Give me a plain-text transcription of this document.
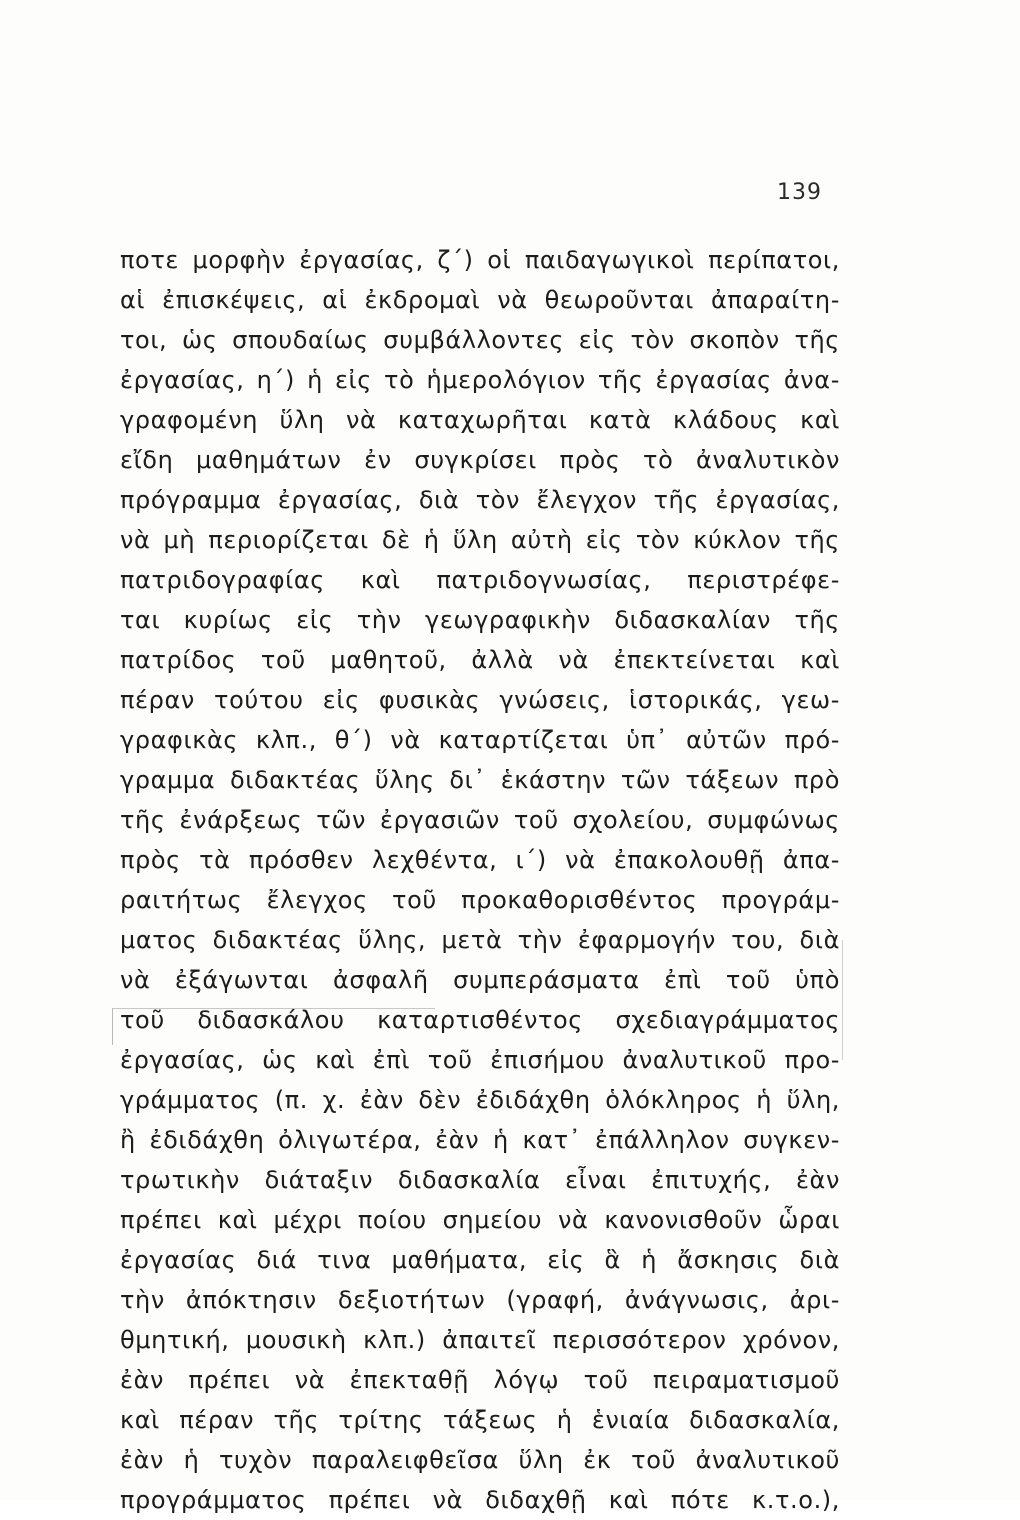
139
ποτε μορφὴν ἐργασίας, ζ΄) οἱ παιδαγωγικοὶ περίπατοι,
αἱ ἐπισκέψεις, αἱ ἐκδρομαὶ νὰ θεωροῦνται ἀπαραίτη-
τοι, ὡς σπουδαίως συμβάλλοντες εἰς τὸν σκοπὸν τῆς
ἐργασίας, η΄) ἡ εἰς τὸ ἡμερολόγιον τῆς ἐργασίας ἀνα-
γραφομένη ὕλη νὰ καταχωρῆται κατὰ κλάδους καὶ
εἴδη μαθημάτων ἐν συγκρίσει πρὸς τὸ ἀναλυτικὸν
πρόγραμμα ἐργασίας, διὰ τὸν ἔλεγχον τῆς ἐργασίας,
νὰ μὴ περιορίζεται δὲ ἡ ὕλη αὐτὴ εἰς τὸν κύκλον τῆς
πατριδογραφίας καὶ πατριδογνωσίας, περιστρέφε-
ται κυρίως εἰς τὴν γεωγραφικὴν διδασκαλίαν τῆς
πατρίδος τοῦ μαθητοῦ, ἀλλὰ νὰ ἐπεκτείνεται καὶ
πέραν τούτου εἰς φυσικὰς γνώσεις, ἱστορικάς, γεω-
γραφικὰς κλπ., θ΄) νὰ καταρτίζεται ὑπ᾽ αὐτῶν πρό-
γραμμα διδακτέας ὕλης δι᾽ ἑκάστην τῶν τάξεων πρὸ
τῆς ἐνάρξεως τῶν ἐργασιῶν τοῦ σχολείου, συμφώνως
πρὸς τὰ πρόσθεν λεχθέντα, ι΄) νὰ ἐπακολουθῇ ἀπα-
ραιτήτως ἔλεγχος τοῦ προκαθορισθέντος προγράμ-
ματος διδακτέας ὕλης, μετὰ τὴν ἐφαρμογήν του, διὰ
νὰ ἐξάγωνται ἀσφαλῆ συμπεράσματα ἐπὶ τοῦ ὑπὸ
τοῦ διδασκάλου καταρτισθέντος σχεδιαγράμματος
ἐργασίας, ὡς καὶ ἐπὶ τοῦ ἐπισήμου ἀναλυτικοῦ προ-
γράμματος (π. χ. ἐὰν δὲν ἐδιδάχθη ὁλόκληρος ἡ ὕλη,
ἢ ἐδιδάχθη ὀλιγωτέρα, ἐὰν ἡ κατ᾽ ἐπάλληλον συγκεν-
τρωτικὴν διάταξιν διδασκαλία εἶναι ἐπιτυχής, ἐὰν
πρέπει καὶ μέχρι ποίου σημείου νὰ κανονισθοῦν ὧραι
ἐργασίας διά τινα μαθήματα, εἰς ἃ ἡ ἄσκησις διὰ
τὴν ἀπόκτησιν δεξιοτήτων (γραφή, ἀνάγνωσις, ἀρι-
θμητική, μουσικὴ κλπ.) ἀπαιτεῖ περισσότερον χρόνον,
ἐὰν πρέπει νὰ ἐπεκταθῇ λόγῳ τοῦ πειραματισμοῦ
καὶ πέραν τῆς τρίτης τάξεως ἡ ἑνιαία διδασκαλία,
ἐὰν ἡ τυχὸν παραλειφθεῖσα ὕλη ἐκ τοῦ ἀναλυτικοῦ
προγράμματος πρέπει νὰ διδαχθῇ καὶ πότε κ.τ.ο.),
